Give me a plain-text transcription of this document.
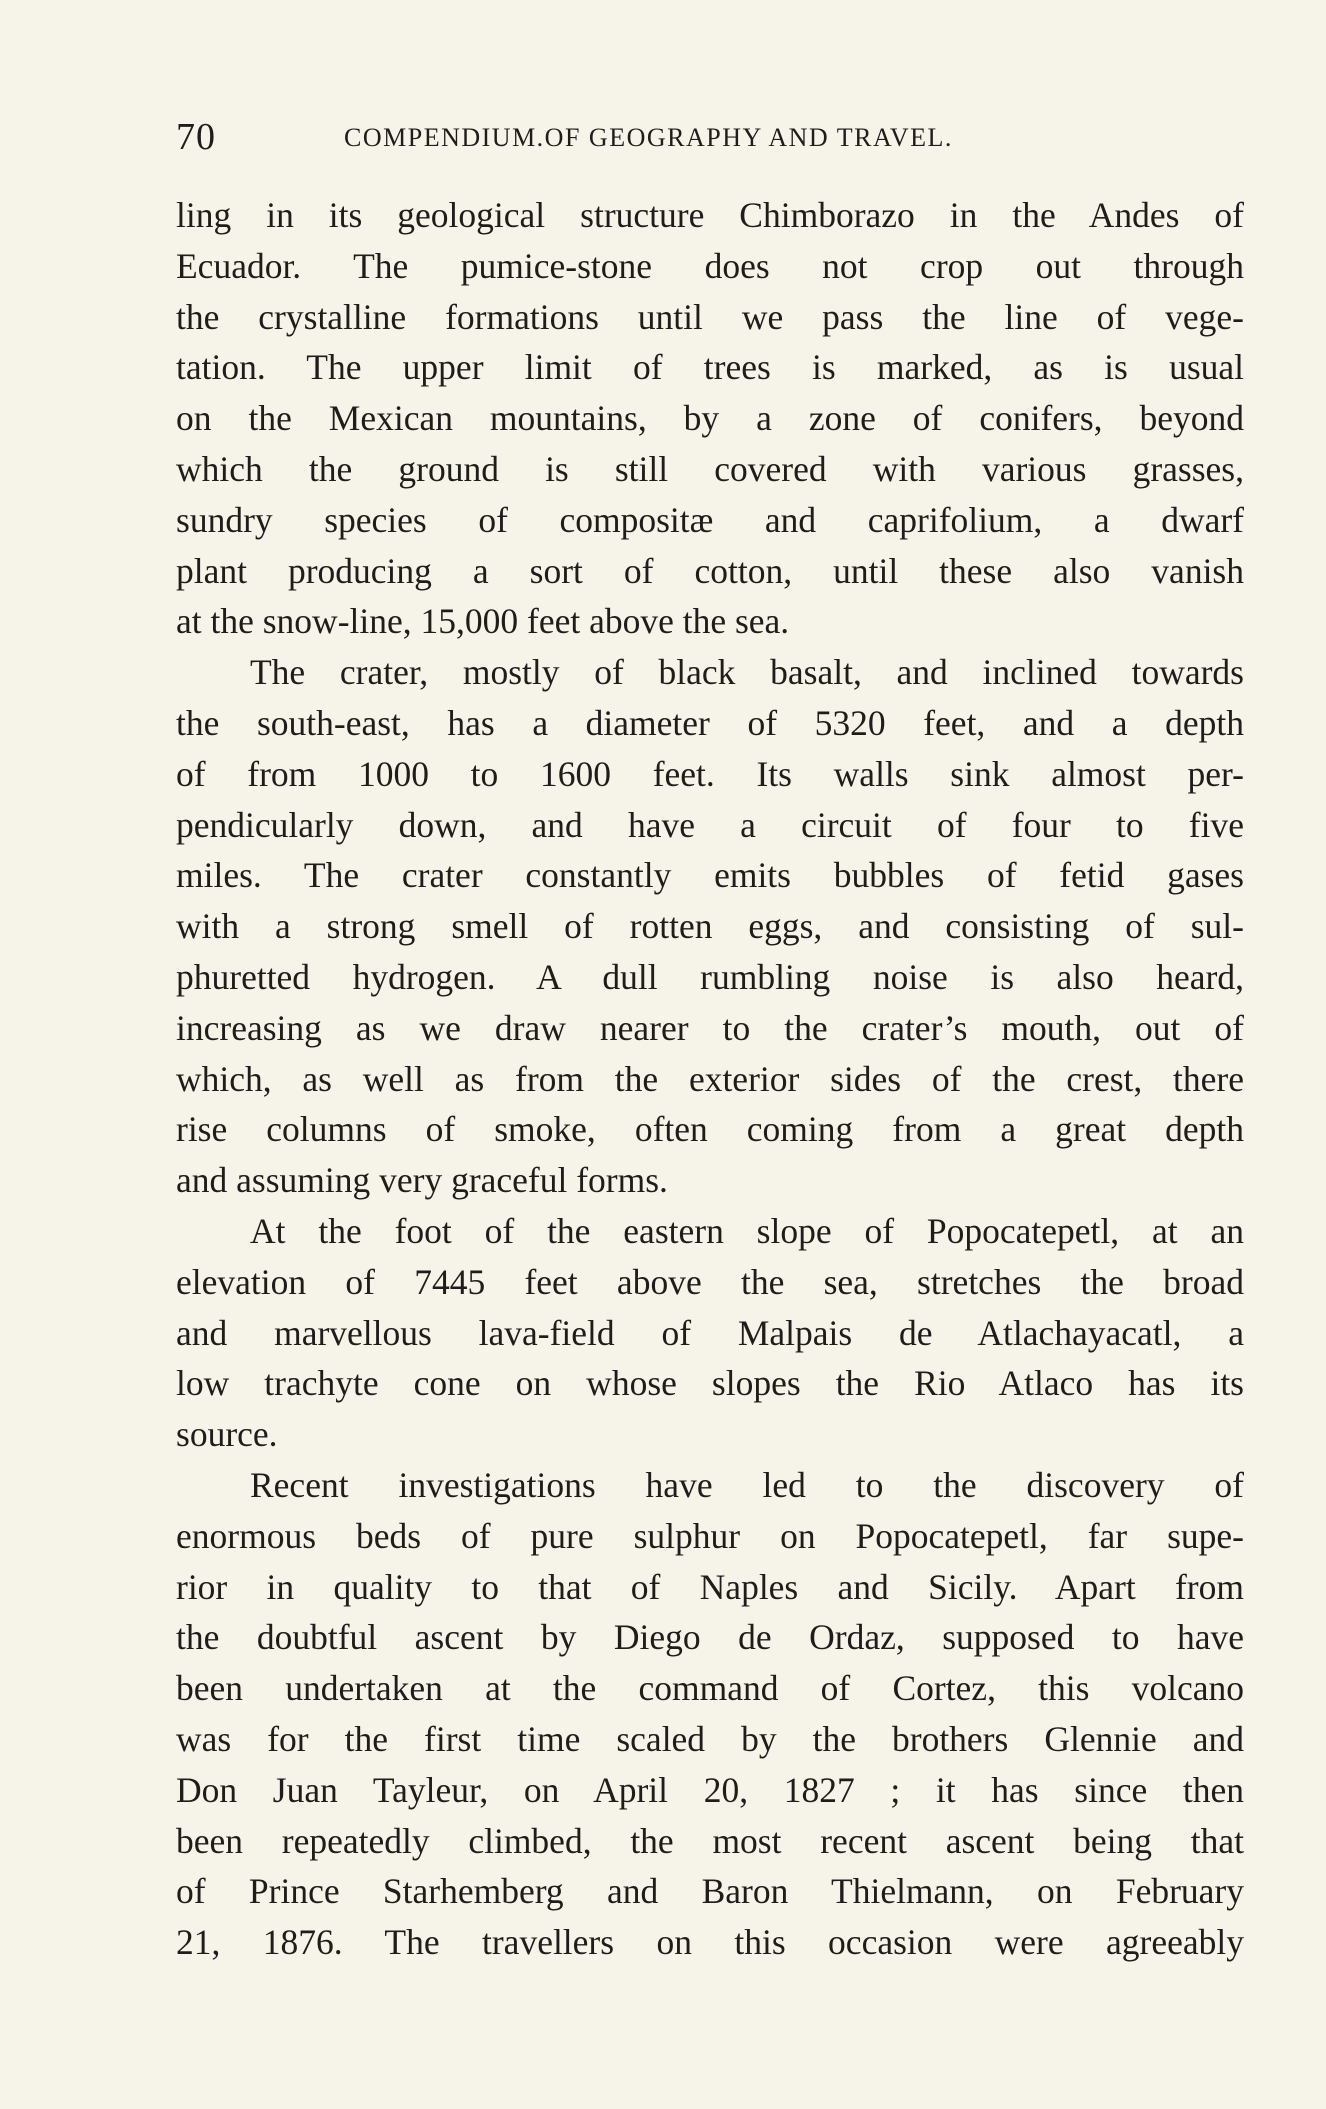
70	COMPENDIUM.OF GEOGRAPHY AND TRAVEL.
ling in its geological structure Chimborazo in the Andes of
Ecuador. The pumice-stone does not crop out through
the crystalline formations until we pass the line of vege-
tation. The upper limit of trees is marked, as is usual
on the Mexican mountains, by a zone of conifers, beyond
which the ground is still covered with various grasses,
sundry species of compositæ and caprifolium, a dwarf
plant producing a sort of cotton, until these also vanish
at the snow-line, 15,000 feet above the sea.
The crater, mostly of black basalt, and inclined towards
the south-east, has a diameter of 5320 feet, and a depth
of from 1000 to 1600 feet. Its walls sink almost per-
pendicularly down, and have a circuit of four to five
miles. The crater constantly emits bubbles of fetid gases
with a strong smell of rotten eggs, and consisting of sul-
phuretted hydrogen. A dull rumbling noise is also heard,
increasing as we draw nearer to the crater’s mouth, out of
which, as well as from the exterior sides of the crest, there
rise columns of smoke, often coming from a great depth
and assuming very graceful forms.
At the foot of the eastern slope of Popocatepetl, at an
elevation of 7445 feet above the sea, stretches the broad
and marvellous lava-field of Malpais de Atlachayacatl, a
low trachyte cone on whose slopes the Rio Atlaco has its
source.
Recent investigations have led to the discovery of
enormous beds of pure sulphur on Popocatepetl, far supe-
rior in quality to that of Naples and Sicily. Apart from
the doubtful ascent by Diego de Ordaz, supposed to have
been undertaken at the command of Cortez, this volcano
was for the first time scaled by the brothers Glennie and
Don Juan Tayleur, on April 20, 1827 ; it has since then
been repeatedly climbed, the most recent ascent being that
of Prince Starhemberg and Baron Thielmann, on February
21, 1876. The travellers on this occasion were agreeably
